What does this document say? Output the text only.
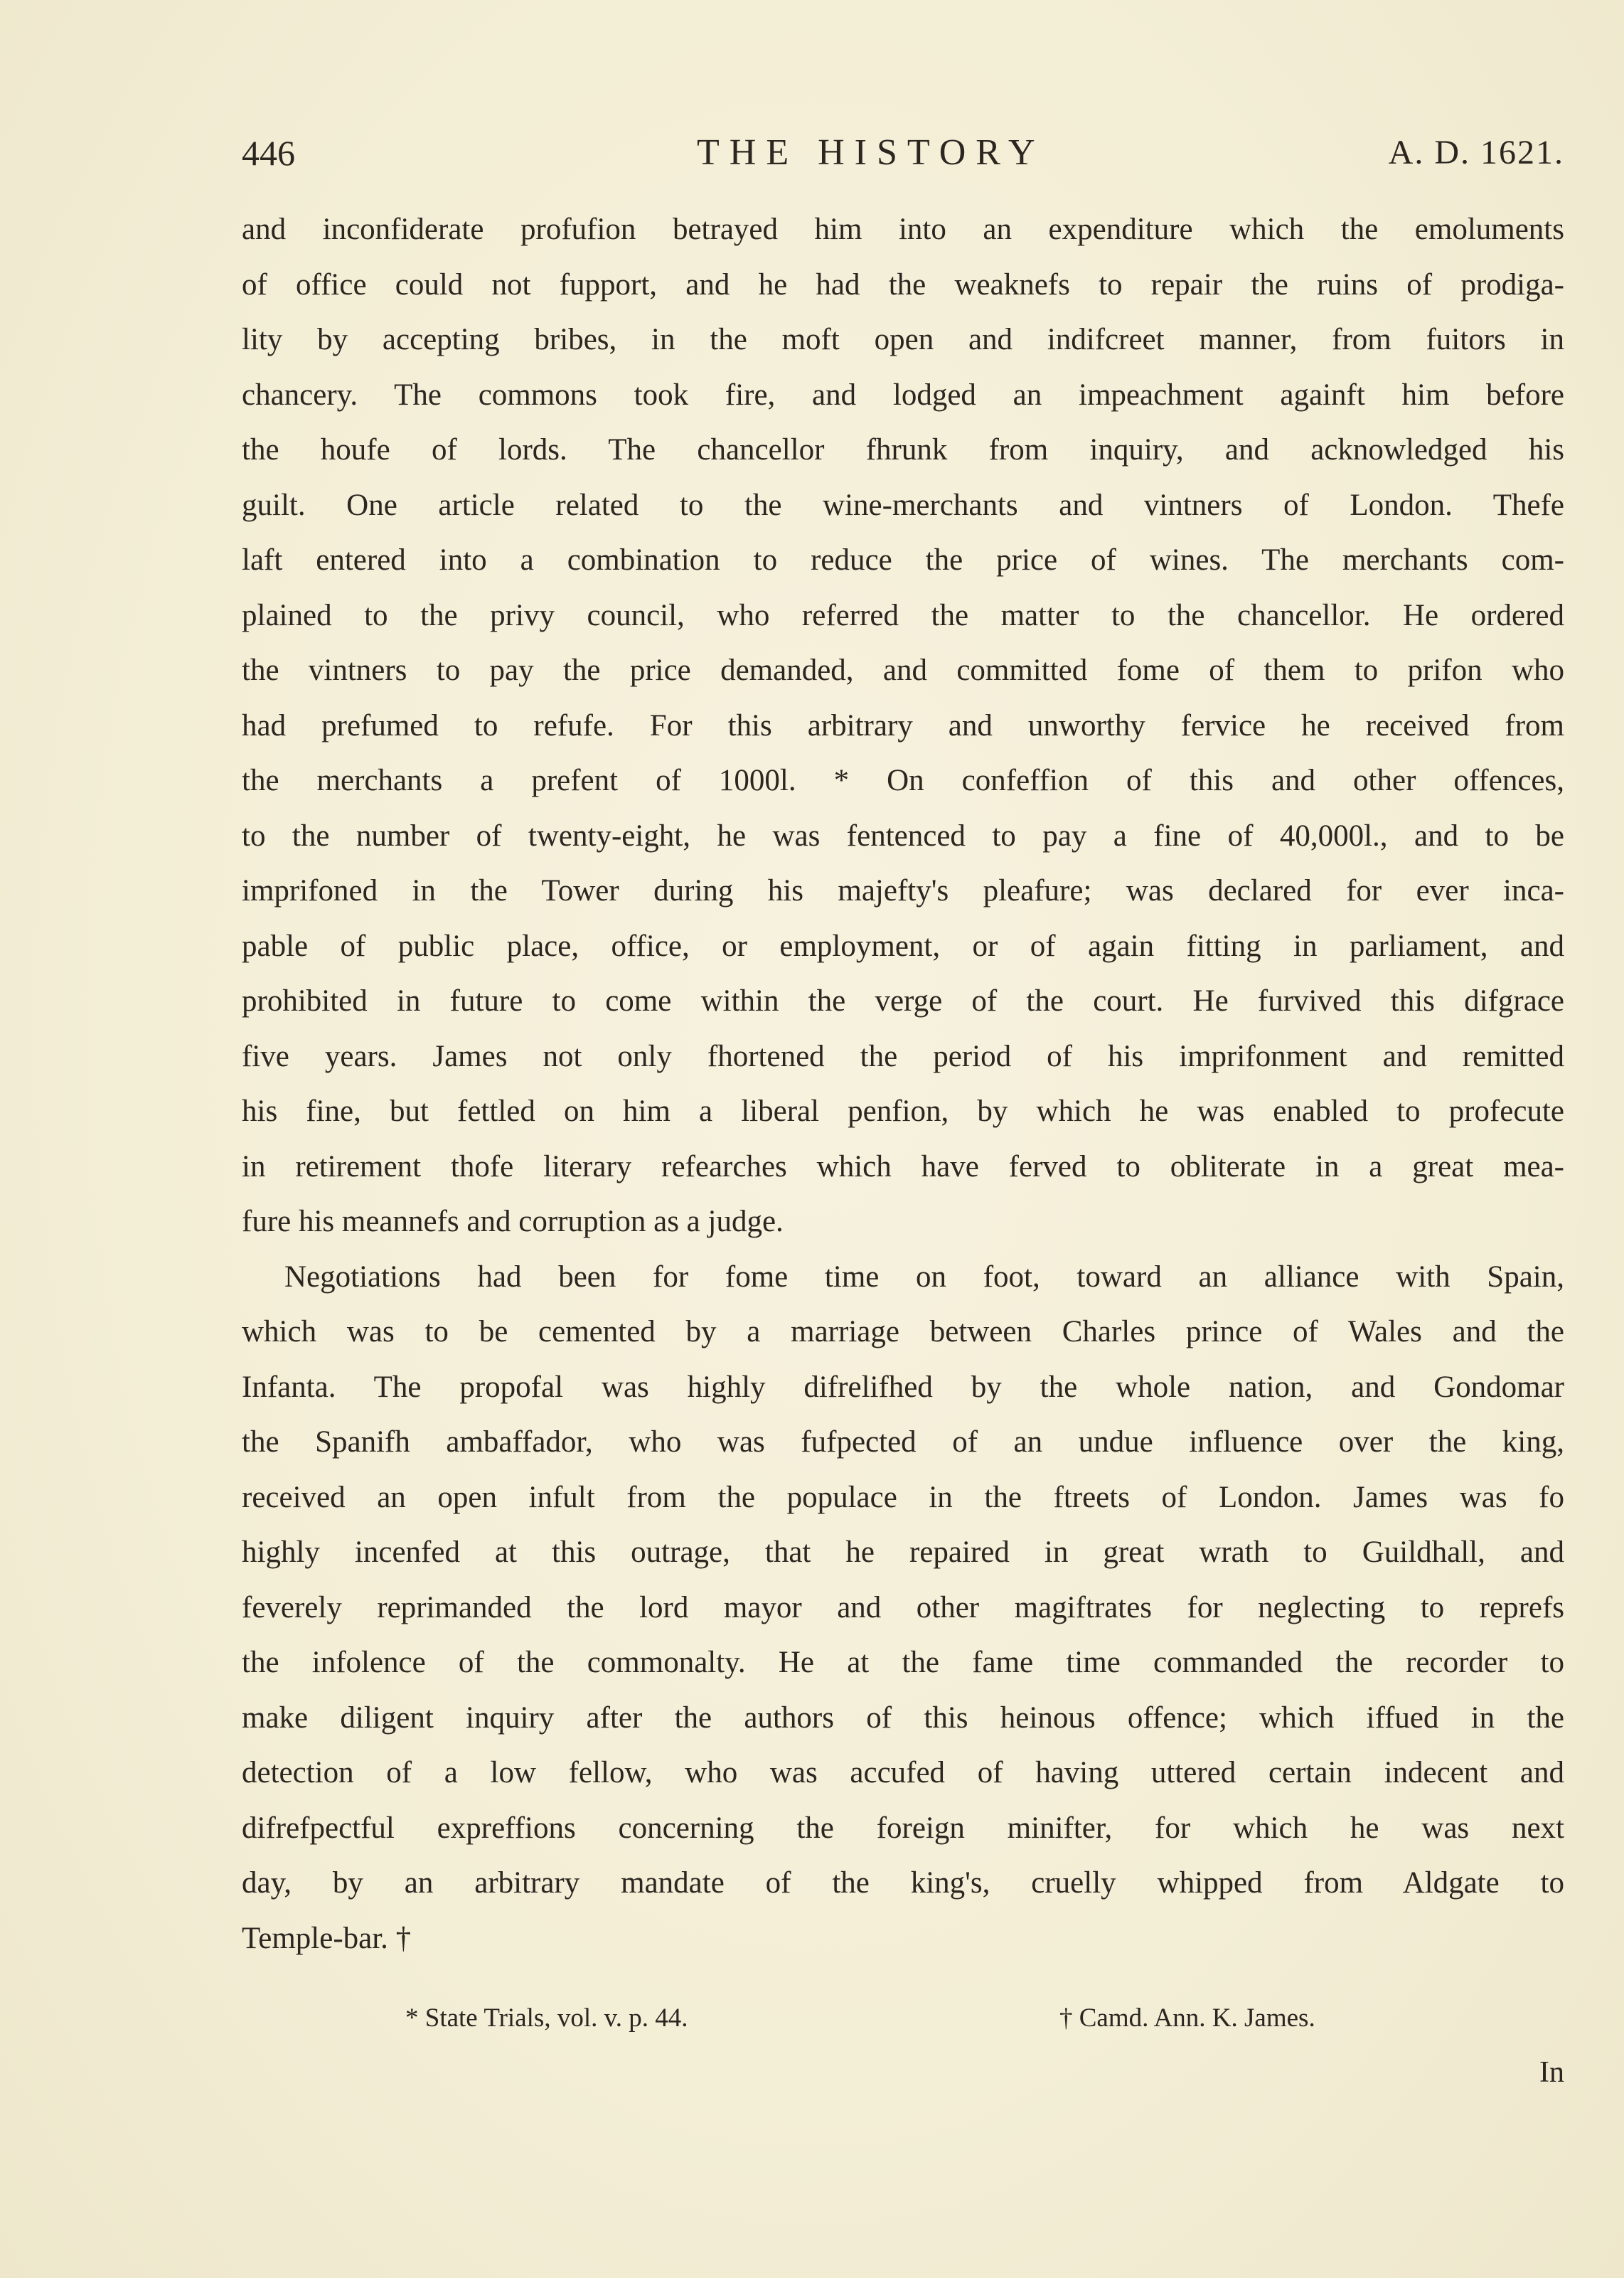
446	THE HISTORY	A. D. 1621.
and inconfiderate profufion betrayed him into an expenditure which the emoluments
of office could not fupport, and he had the weaknefs to repair the ruins of prodiga-
lity by accepting bribes, in the moft open and indifcreet manner, from fuitors in
chancery. The commons took fire, and lodged an impeachment againft him before
the houfe of lords. The chancellor fhrunk from inquiry, and acknowledged his
guilt. One article related to the wine-merchants and vintners of London. Thefe
laft entered into a combination to reduce the price of wines. The merchants com-
plained to the privy council, who referred the matter to the chancellor. He ordered
the vintners to pay the price demanded, and committed fome of them to prifon who
had prefumed to refufe. For this arbitrary and unworthy fervice he received from
the merchants a prefent of 1000l. * On confeffion of this and other offences,
to the number of twenty-eight, he was fentenced to pay a fine of 40,000l., and to be
imprifoned in the Tower during his majefty's pleafure; was declared for ever inca-
pable of public place, office, or employment, or of again fitting in parliament, and
prohibited in future to come within the verge of the court. He furvived this difgrace
five years. James not only fhortened the period of his imprifonment and remitted
his fine, but fettled on him a liberal penfion, by which he was enabled to profecute
in retirement thofe literary refearches which have ferved to obliterate in a great mea-
fure his meannefs and corruption as a judge.
Negotiations had been for fome time on foot, toward an alliance with Spain,
which was to be cemented by a marriage between Charles prince of Wales and the
Infanta. The propofal was highly difrelifhed by the whole nation, and Gondomar
the Spanifh ambaffador, who was fufpected of an undue influence over the king,
received an open infult from the populace in the ftreets of London. James was fo
highly incenfed at this outrage, that he repaired in great wrath to Guildhall, and
feverely reprimanded the lord mayor and other magiftrates for neglecting to reprefs
the infolence of the commonalty. He at the fame time commanded the recorder to
make diligent inquiry after the authors of this heinous offence; which iffued in the
detection of a low fellow, who was accufed of having uttered certain indecent and
difrefpectful expreffions concerning the foreign minifter, for which he was next
day, by an arbitrary mandate of the king's, cruelly whipped from Aldgate to
Temple-bar. †
* State Trials, vol. v. p. 44.	† Camd. Ann. K. James.
In
